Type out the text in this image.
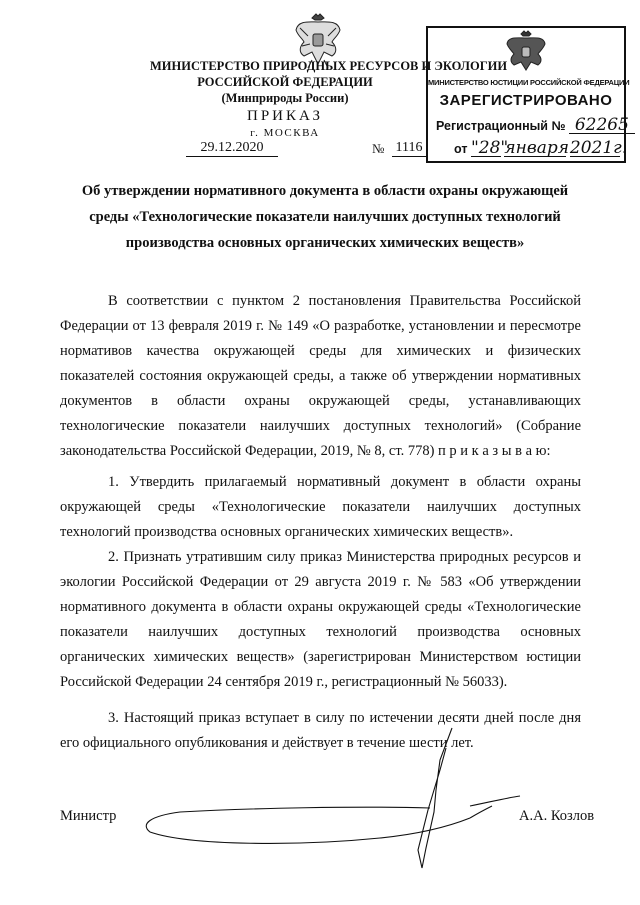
МИНИСТЕРСТВО ПРИРОДНЫХ РЕСУРСОВ И ЭКОЛОГИИ
РОССИЙСКОЙ ФЕДЕРАЦИИ
(Минприроды России)
ПРИКАЗ
г. МОСКВА
29.12.2020	№ 1116
МИНИСТЕРСТВО ЮСТИЦИИ РОССИЙСКОЙ ФЕДЕРАЦИИ
ЗАРЕГИСТРИРОВАНО
Регистрационный № 62265
от "28" января 2021г.
Об утверждении нормативного документа в области охраны окружающей среды «Технологические показатели наилучших доступных технологий производства основных органических химических веществ»

В соответствии с пунктом 2 постановления Правительства Российской Федерации от 13 февраля 2019 г. № 149 «О разработке, установлении и пересмотре нормативов качества окружающей среды для химических и физических показателей состояния окружающей среды, а также об утверждении нормативных документов в области охраны окружающей среды, устанавливающих технологические показатели наилучших доступных технологий» (Собрание законодательства Российской Федерации, 2019, № 8, ст. 778) п р и к а з ы в а ю:

1. Утвердить прилагаемый нормативный документ в области охраны окружающей среды «Технологические показатели наилучших доступных технологий производства основных органических химических веществ».

2. Признать утратившим силу приказ Министерства природных ресурсов и экологии Российской Федерации от 29 августа 2019 г. № 583 «Об утверждении нормативного документа в области охраны окружающей среды «Технологические показатели наилучших доступных технологий производства основных органических химических веществ» (зарегистрирован Министерством юстиции Российской Федерации 24 сентября 2019 г., регистрационный № 56033).

3. Настоящий приказ вступает в силу по истечении десяти дней после дня его официального опубликования и действует в течение шести лет.

Министр	А.А. Козлов
